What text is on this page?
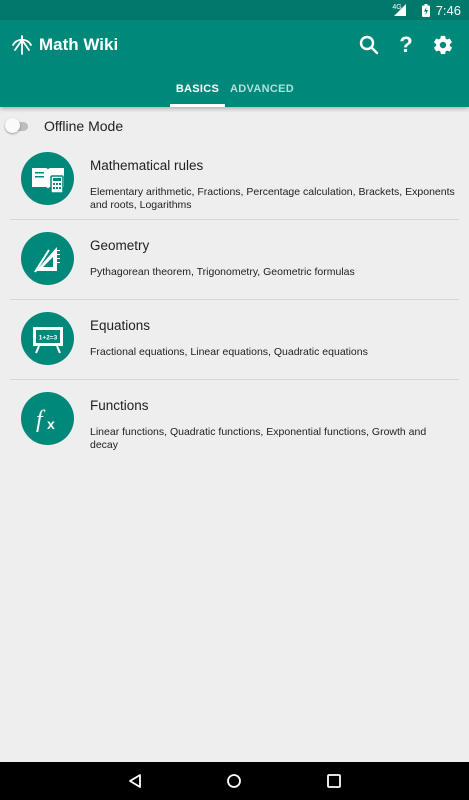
4G	7:46
Math Wiki	?
BASICS ADVANCED
Offline Mode
Mathematical rules
Elementary arithmetic, Fractions, Percentage calculation, Brackets, Exponents and roots, Logarithms
Geometry
Pythagorean theorem, Trigonometry, Geometric formulas
1+2=3
Equations
Fractional equations, Linear equations, Quadratic equations
f x
Functions
Linear functions, Quadratic functions, Exponential functions, Growth and decay
